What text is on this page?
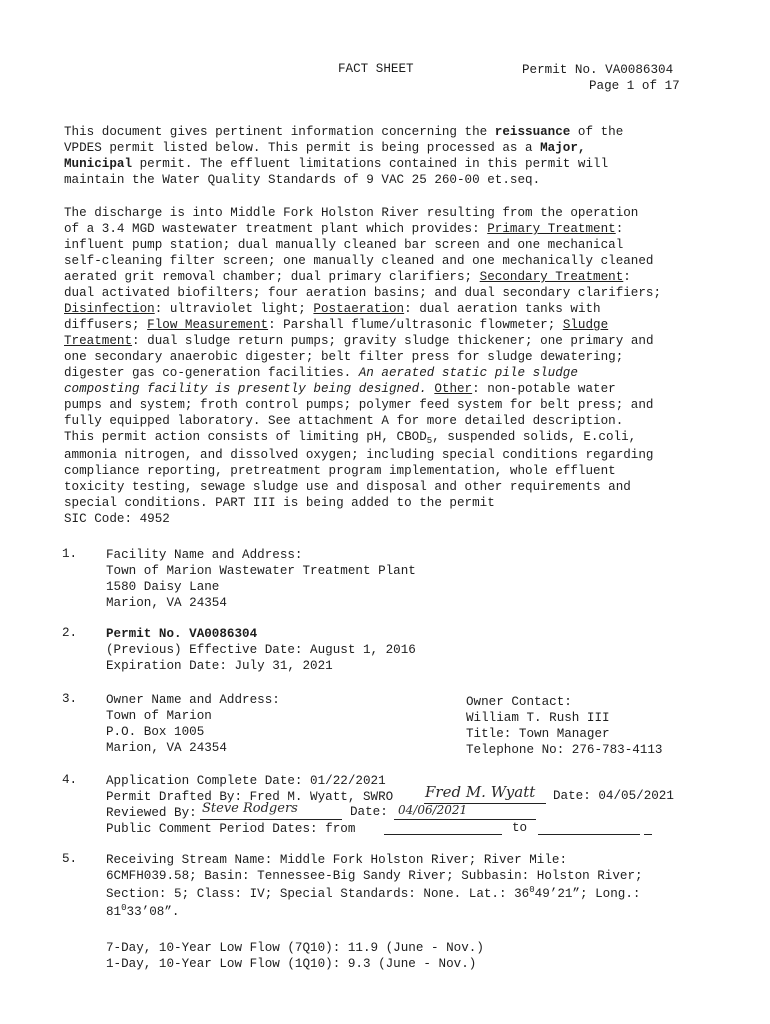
FACT SHEET	Permit No. VA0086304
Page 1 of 17
This document gives pertinent information concerning the reissuance of the
VPDES permit listed below. This permit is being processed as a Major,
Municipal permit. The effluent limitations contained in this permit will
maintain the Water Quality Standards of 9 VAC 25 260-00 et.seq.
The discharge is into Middle Fork Holston River resulting from the operation
of a 3.4 MGD wastewater treatment plant which provides: Primary Treatment:
influent pump station; dual manually cleaned bar screen and one mechanical
self-cleaning filter screen; one manually cleaned and one mechanically cleaned
aerated grit removal chamber; dual primary clarifiers; Secondary Treatment:
dual activated biofilters; four aeration basins; and dual secondary clarifiers;
Disinfection: ultraviolet light; Postaeration: dual aeration tanks with
diffusers; Flow Measurement: Parshall flume/ultrasonic flowmeter; Sludge
Treatment: dual sludge return pumps; gravity sludge thickener; one primary and
one secondary anaerobic digester; belt filter press for sludge dewatering;
digester gas co-generation facilities. An aerated static pile sludge
composting facility is presently being designed. Other: non-potable water
pumps and system; froth control pumps; polymer feed system for belt press; and
fully equipped laboratory. See attachment A for more detailed description.
This permit action consists of limiting pH, $CBOD_5$, suspended solids, E.coli,
ammonia nitrogen, and dissolved oxygen; including special conditions regarding
compliance reporting, pretreatment program implementation, whole effluent
toxicity testing, sewage sludge use and disposal and other requirements and
special conditions. PART III is being added to the permit
SIC Code: 4952
1. Facility Name and Address:
Town of Marion Wastewater Treatment Plant
1580 Daisy Lane
Marion, VA 24354
2. Permit No. VA0086304
(Previous) Effective Date: August 1, 2016
Expiration Date: July 31, 2021
3. Owner Name and Address:
Town of Marion
P.O. Box 1005
Marion, VA 24354
Owner Contact:
William T. Rush III
Title: Town Manager
Telephone No: 276-783-4113
4. Application Complete Date: 01/22/2021
Permit Drafted By: Fred M. Wyatt, SWRO Fred M. Wyatt Date: 04/05/2021
Reviewed By: Steve Rodgers	Date: 04/06/2021
Public Comment Period Dates: from	to
5. Receiving Stream Name: Middle Fork Holston River; River Mile:
6CMFH039.58; Basin: Tennessee-Big Sandy River; Subbasin: Holston River;
Section: 5; Class: IV; Special Standards: None. Lat.: $36^049’21$”; Long.:
$81^033’08$”.
7-Day, 10-Year Low Flow (7Q10): 11.9 (June - Nov.)
1-Day, 10-Year Low Flow (1Q10): 9.3 (June - Nov.)
